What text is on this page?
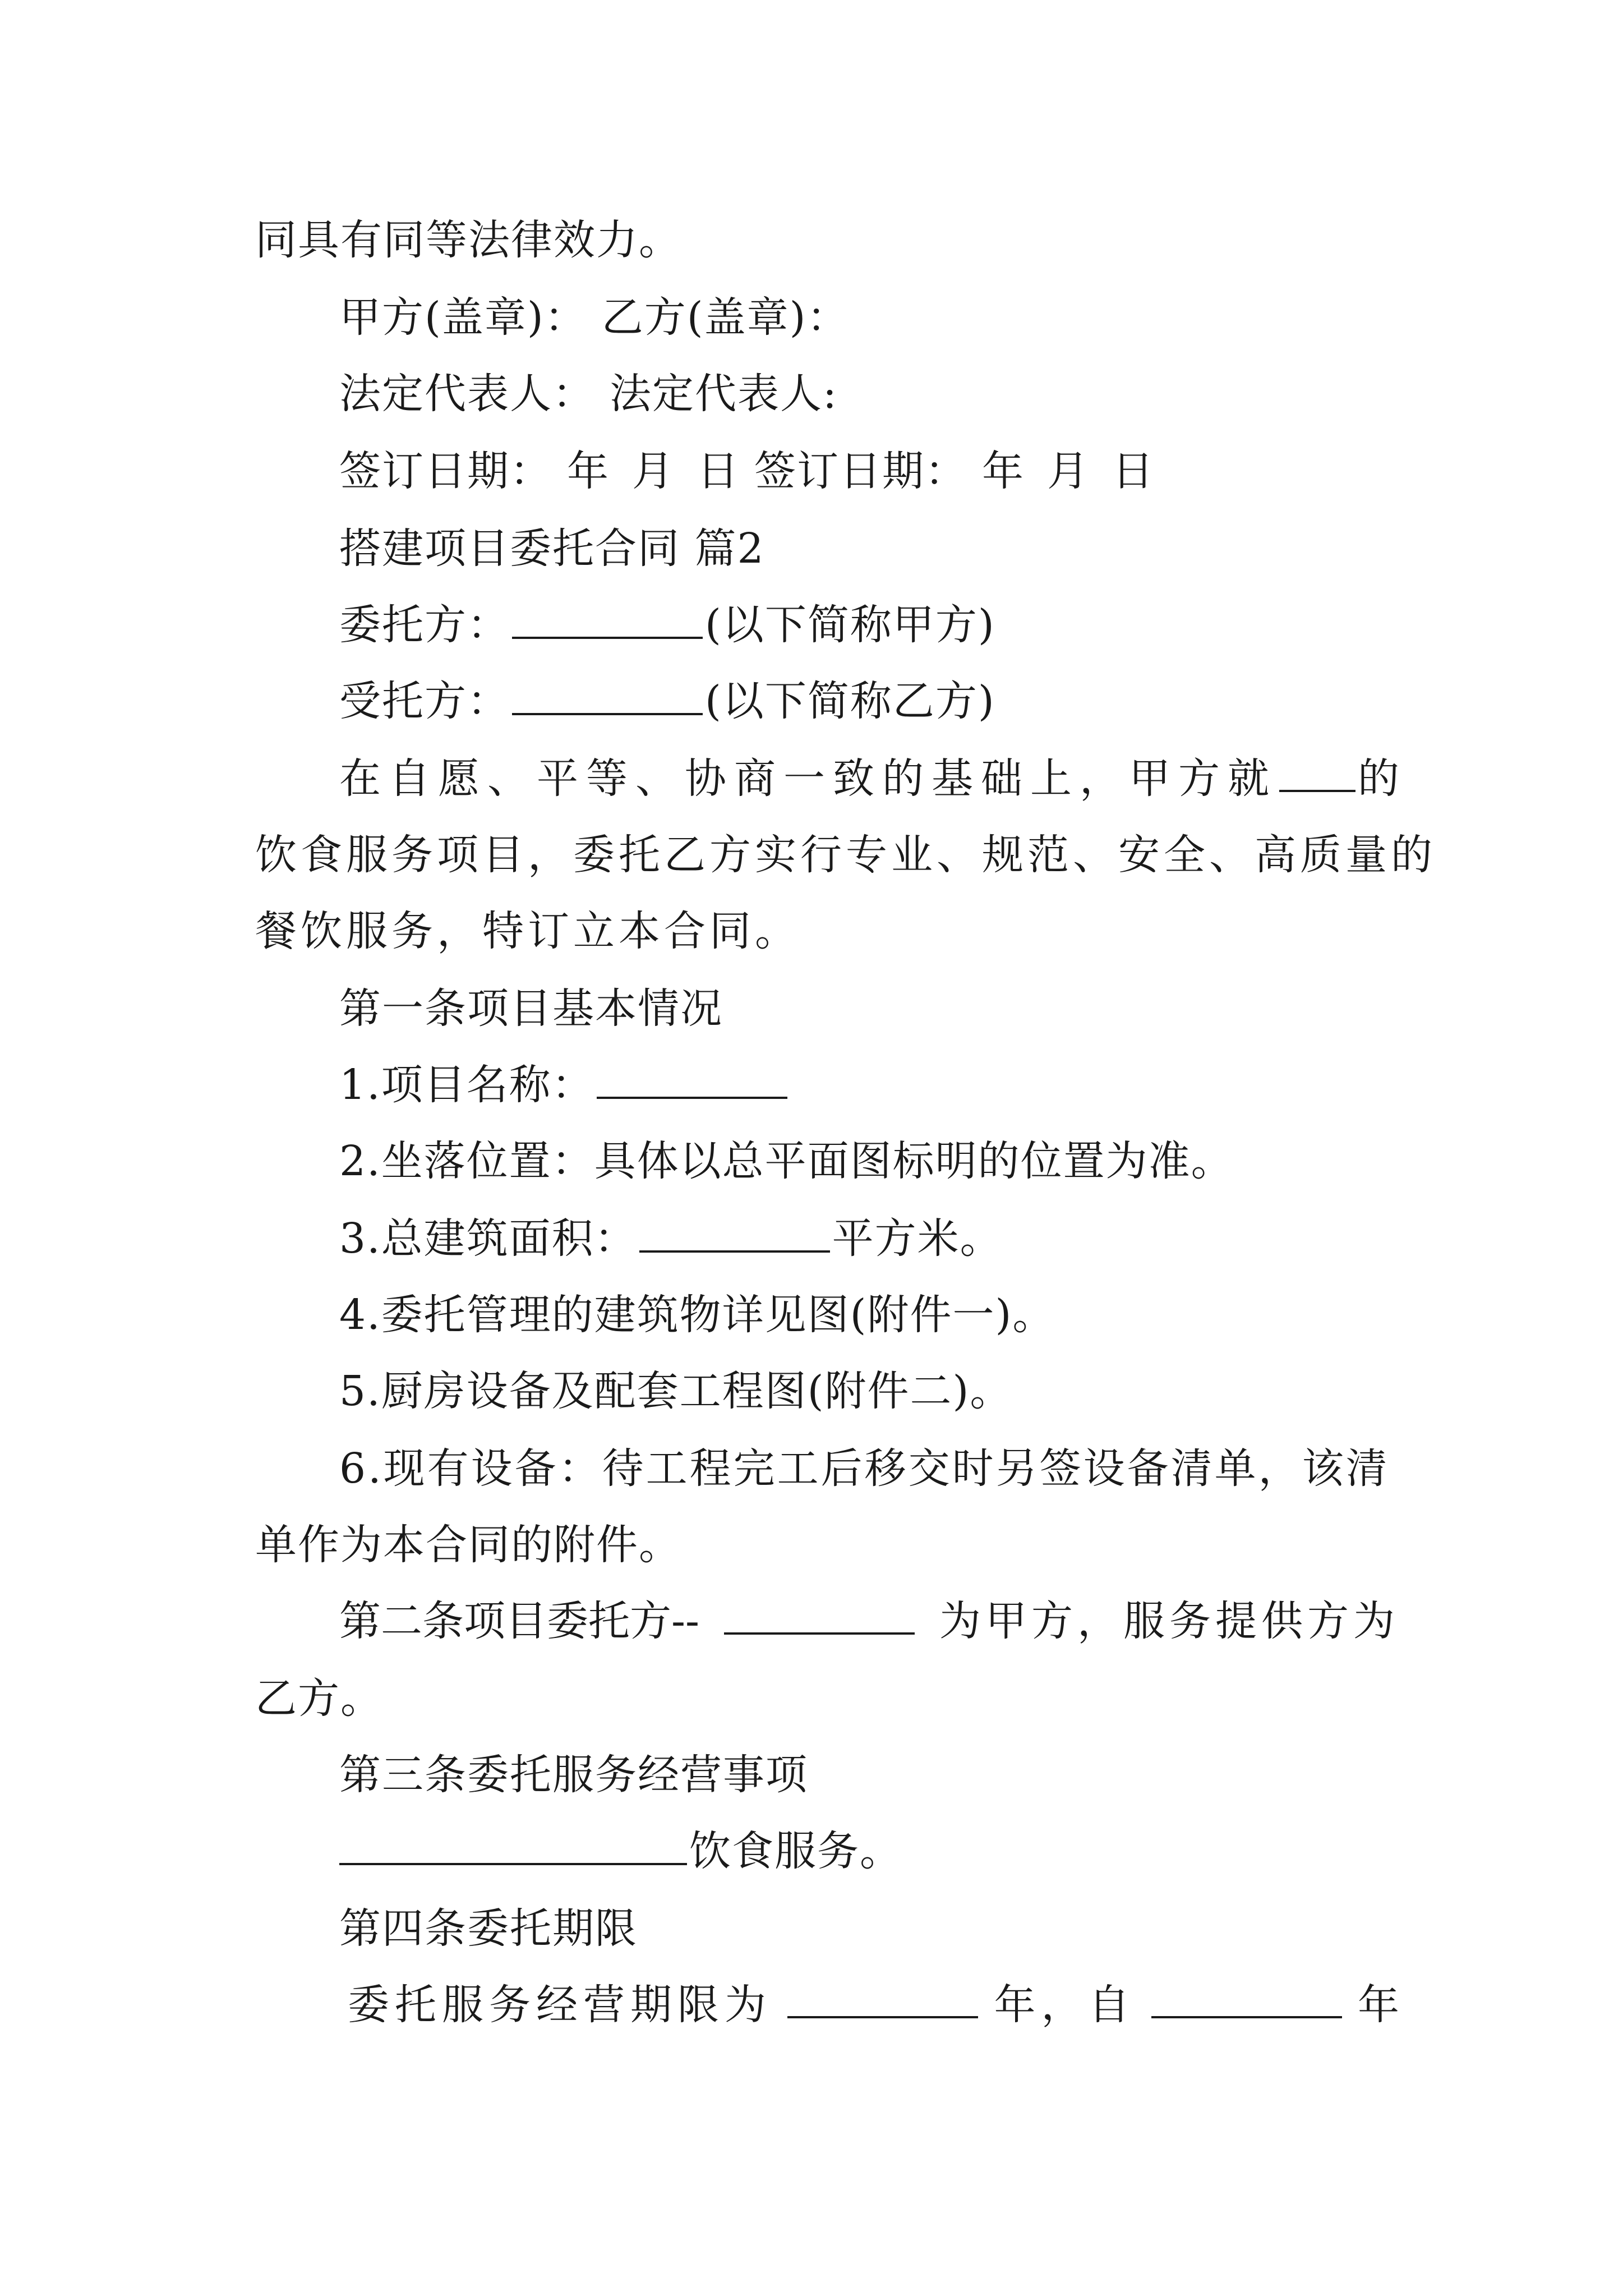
同具有同等法律效力。
甲方(盖章)： 乙方(盖章)：
法定代表人： 法定代表人:
签订日期： 年 月 日 签订日期： 年 月 日
搭建项目委托合同 篇2
委托方：	(以下简称甲方)
受托方：	(以下简称乙方)
在自愿、平等、协商一致的基础上，甲方就 的
饮食服务项目，委托乙方实行专业、规范、安全、高质量的
餐饮服务，特订立本合同。
第一条项目基本情况
1.项目名称：
2.坐落位置：具体以总平面图标明的位置为准。
3.总建筑面积：	平方米。
4.委托管理的建筑物详见图(附件一)。
5.厨房设备及配套工程图(附件二)。
6.现有设备：待工程完工后移交时另签设备清单，该清
单作为本合同的附件。
第二条项目委托方--	为甲方，服务提供方为
乙方。
第三条委托服务经营事项
饮食服务。
第四条委托期限
委托服务经营期限为	年，自	年
